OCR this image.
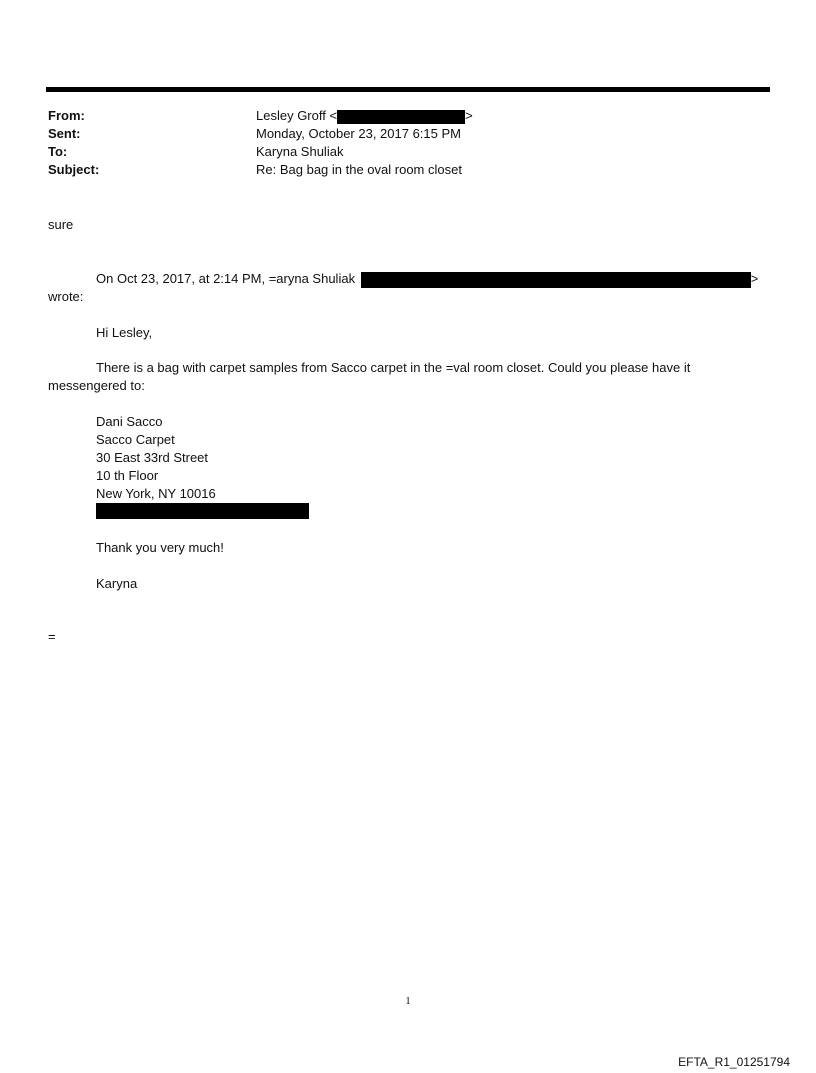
From:	Lesley Groff <	>
Sent:	Monday, October 23, 2017 6:15 PM
To:	Karyna Shuliak
Subject:	Re: Bag bag in the oval room closet
sure
On Oct 23, 2017, at 2:14 PM, =aryna Shuliak	>
wrote:
Hi Lesley,
There is a bag with carpet samples from Sacco carpet in the =val room closet. Could you please have it
messengered to:
Dani Sacco
Sacco Carpet
30 East 33rd Street
10 th Floor
New York, NY 10016
Thank you very much!
Karyna
=
1
EFTA_R1_01251794
